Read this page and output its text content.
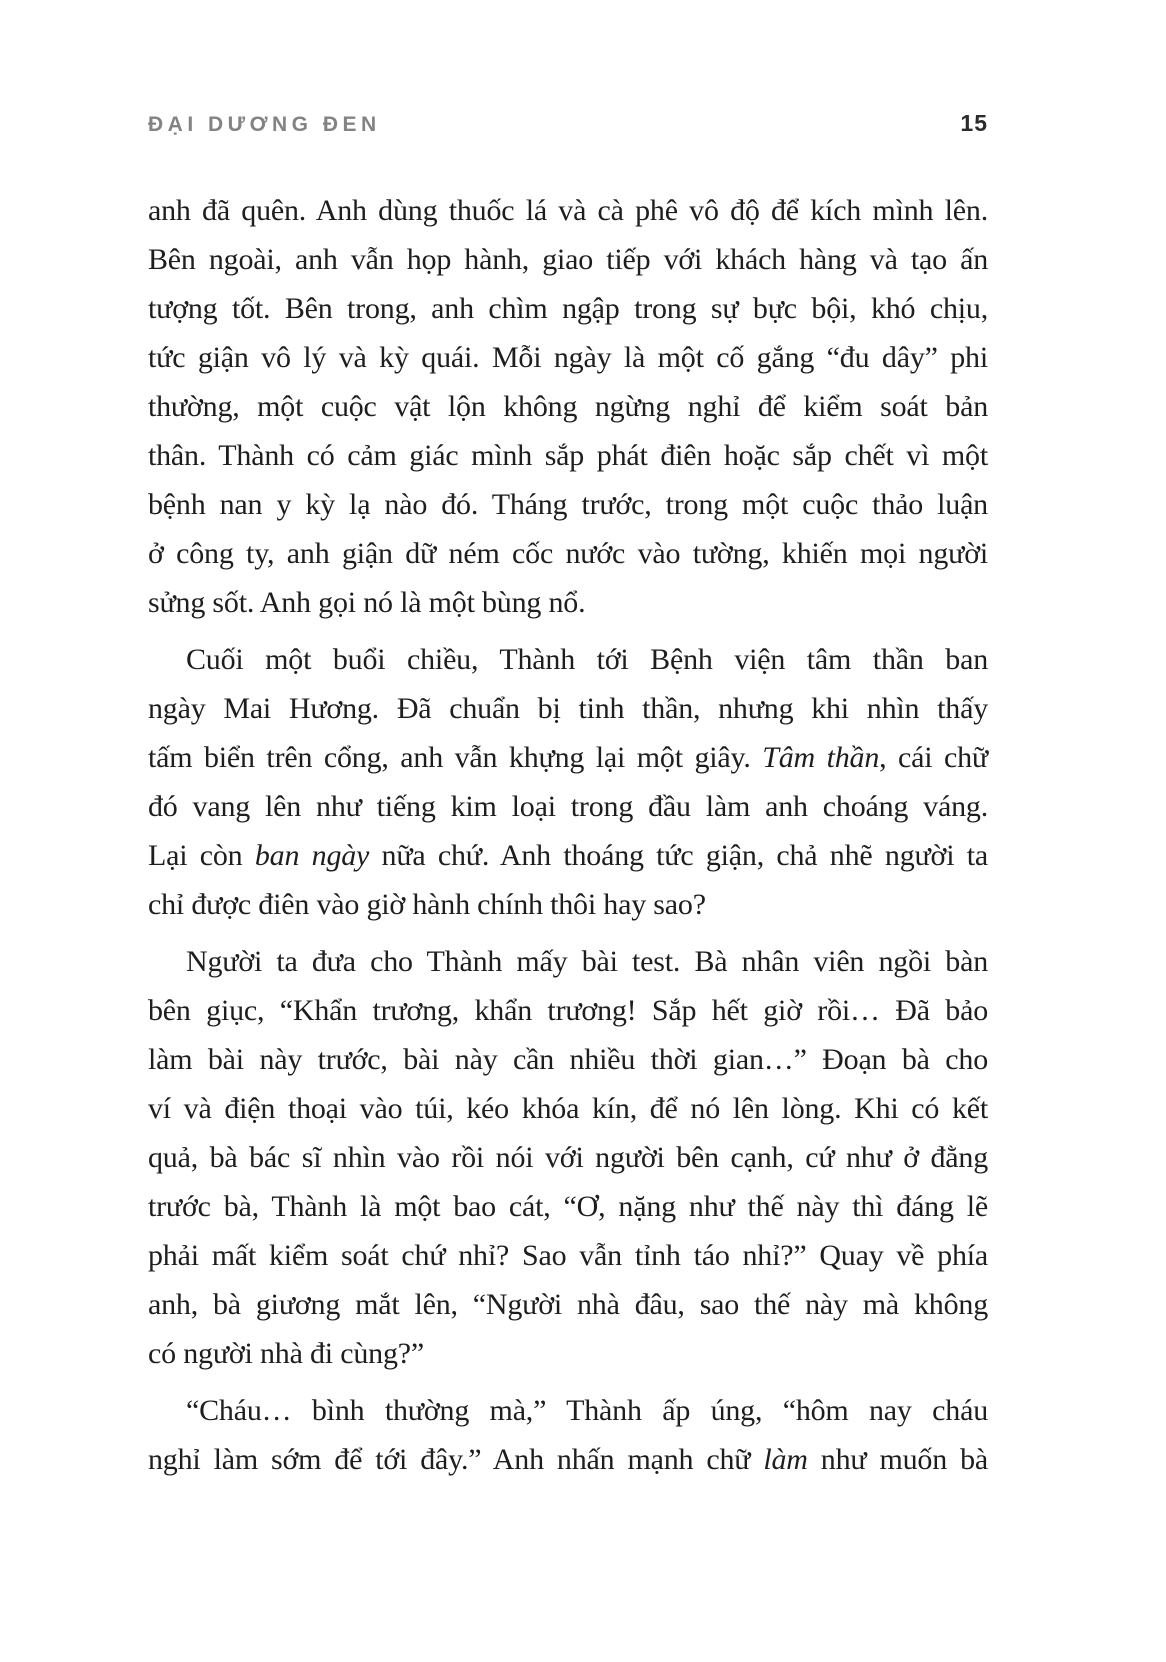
ĐẠI DƯƠNG ĐEN	15
anh đã quên. Anh dùng thuốc lá và cà phê vô độ để kích mình lên.
Bên ngoài, anh vẫn họp hành, giao tiếp với khách hàng và tạo ấn
tượng tốt. Bên trong, anh chìm ngập trong sự bực bội, khó chịu,
tức giận vô lý và kỳ quái. Mỗi ngày là một cố gắng “đu dây” phi
thường, một cuộc vật lộn không ngừng nghỉ để kiểm soát bản
thân. Thành có cảm giác mình sắp phát điên hoặc sắp chết vì một
bệnh nan y kỳ lạ nào đó. Tháng trước, trong một cuộc thảo luận
ở công ty, anh giận dữ ném cốc nước vào tường, khiến mọi người
sửng sốt. Anh gọi nó là một bùng nổ.
Cuối một buổi chiều, Thành tới Bệnh viện tâm thần ban
ngày Mai Hương. Đã chuẩn bị tinh thần, nhưng khi nhìn thấy
tấm biển trên cổng, anh vẫn khựng lại một giây. Tâm thần, cái chữ
đó vang lên như tiếng kim loại trong đầu làm anh choáng váng.
Lại còn ban ngày nữa chứ. Anh thoáng tức giận, chả nhẽ người ta
chỉ được điên vào giờ hành chính thôi hay sao?
Người ta đưa cho Thành mấy bài test. Bà nhân viên ngồi bàn
bên giục, “Khẩn trương, khẩn trương! Sắp hết giờ rồi… Đã bảo
làm bài này trước, bài này cần nhiều thời gian…” Đoạn bà cho
ví và điện thoại vào túi, kéo khóa kín, để nó lên lòng. Khi có kết
quả, bà bác sĩ nhìn vào rồi nói với người bên cạnh, cứ như ở đằng
trước bà, Thành là một bao cát, “Ơ, nặng như thế này thì đáng lẽ
phải mất kiểm soát chứ nhỉ? Sao vẫn tỉnh táo nhỉ?” Quay về phía
anh, bà giương mắt lên, “Người nhà đâu, sao thế này mà không
có người nhà đi cùng?”
“Cháu… bình thường mà,” Thành ấp úng, “hôm nay cháu
nghỉ làm sớm để tới đây.” Anh nhấn mạnh chữ làm như muốn bà
